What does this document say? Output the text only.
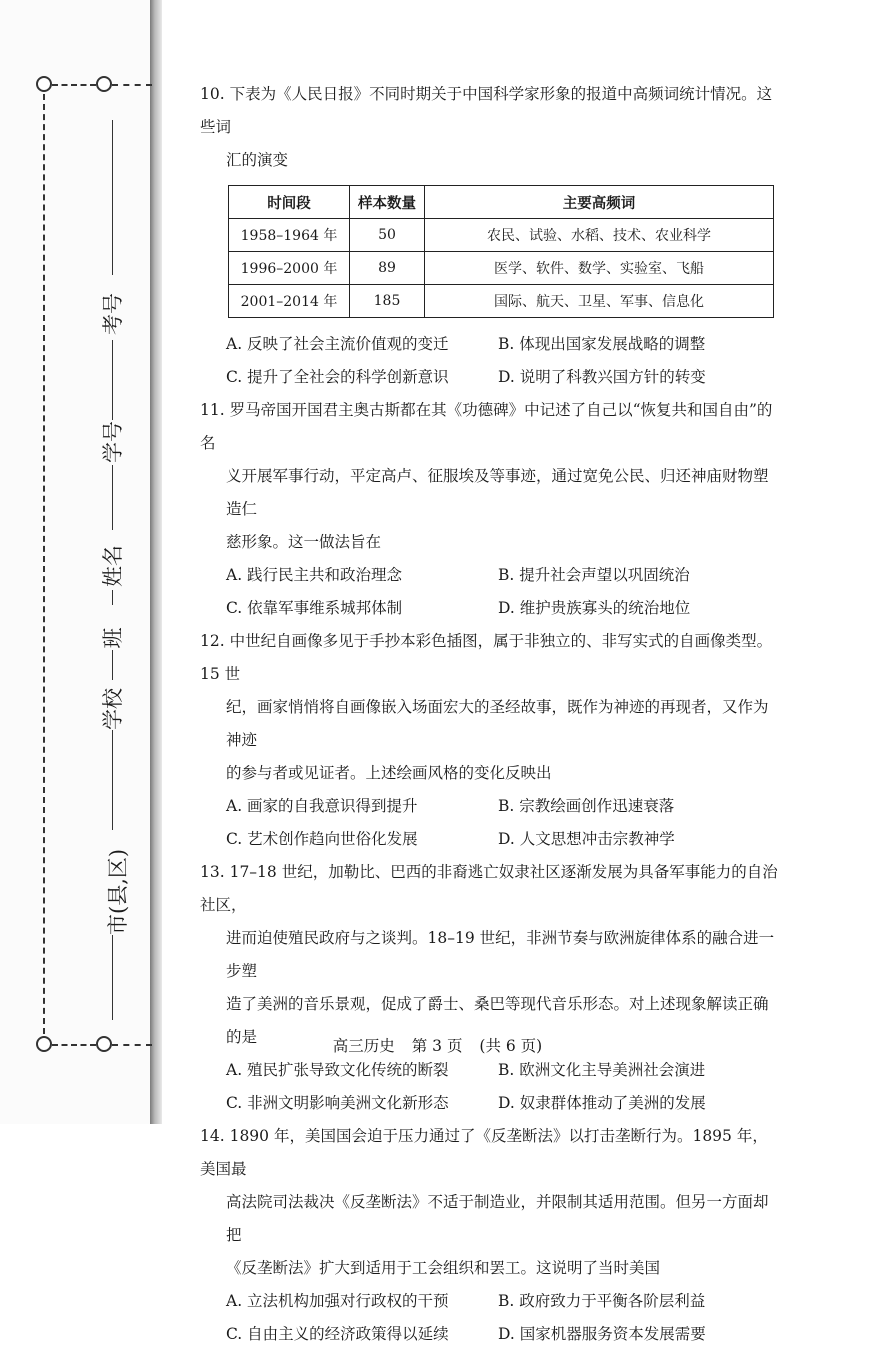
考号
学号
姓名
班
学校
市(县,区)
10. 下表为《人民日报》不同时期关于中国科学家形象的报道中高频词统计情况。这些词
汇的演变
时间段	样本数量	主要高频词
1958–1964 年	50	农民、试验、水稻、技术、农业科学
1996–2000 年	89	医学、软件、数学、实验室、飞船
2001–2014 年	185	国际、航天、卫星、军事、信息化
A. 反映了社会主流价值观的变迁	B. 体现出国家发展战略的调整
C. 提升了全社会的科学创新意识	D. 说明了科教兴国方针的转变
11. 罗马帝国开国君主奥古斯都在其《功德碑》中记述了自己以“恢复共和国自由”的名
义开展军事行动，平定高卢、征服埃及等事迹，通过宽免公民、归还神庙财物塑造仁
慈形象。这一做法旨在
A. 践行民主共和政治理念	B. 提升社会声望以巩固统治
C. 依靠军事维系城邦体制	D. 维护贵族寡头的统治地位
12. 中世纪自画像多见于手抄本彩色插图，属于非独立的、非写实式的自画像类型。15 世
纪，画家悄悄将自画像嵌入场面宏大的圣经故事，既作为神迹的再现者，又作为神迹
的参与者或见证者。上述绘画风格的变化反映出
A. 画家的自我意识得到提升	B. 宗教绘画创作迅速衰落
C. 艺术创作趋向世俗化发展	D. 人文思想冲击宗教神学
13. 17–18 世纪，加勒比、巴西的非裔逃亡奴隶社区逐渐发展为具备军事能力的自治社区，
进而迫使殖民政府与之谈判。18–19 世纪，非洲节奏与欧洲旋律体系的融合进一步塑
造了美洲的音乐景观，促成了爵士、桑巴等现代音乐形态。对上述现象解读正确的是
A. 殖民扩张导致文化传统的断裂	B. 欧洲文化主导美洲社会演进
C. 非洲文明影响美洲文化新形态	D. 奴隶群体推动了美洲的发展
14. 1890 年，美国国会迫于压力通过了《反垄断法》以打击垄断行为。1895 年，美国最
高法院司法裁决《反垄断法》不适于制造业，并限制其适用范围。但另一方面却把
《反垄断法》扩大到适用于工会组织和罢工。这说明了当时美国
A. 立法机构加强对行政权的干预	B. 政府致力于平衡各阶层利益
C. 自由主义的经济政策得以延续	D. 国家机器服务资本发展需要
高三历史 第 3 页 (共 6 页)
